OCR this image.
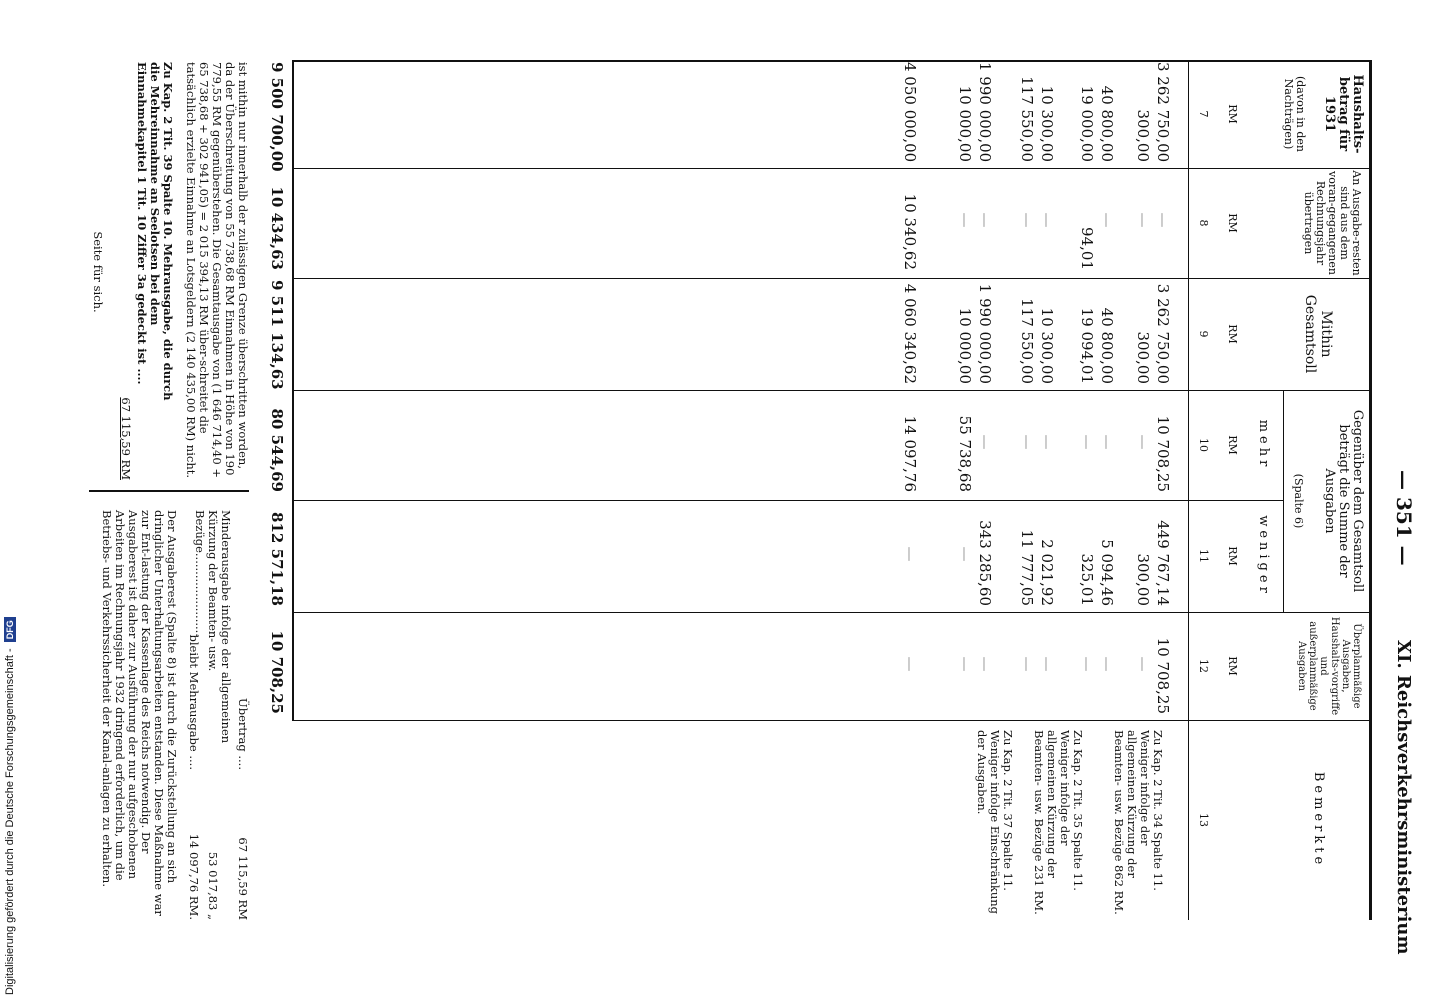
— 351 —
XI. Reichsverkehrsministerium
Haushalts-betrag für 1931
(davon in den Nachträgen)
RM
7
An Ausgabe-resten sind aus dem voran-gegangenen Rechnungsjahr übertragen
RM
8
Mithin Gesamtsoll
RM
9
Gegenüber dem Gesamtsoll beträgt die Summe der Ausgaben
(Spalte 6)
mehr
RM
10
weniger
RM
11
Überplanmäßige Ausgaben, Haushalts-vorgriffe und außerplanmäßige Ausgaben
RM
12
Bemerkte
13
3 262 750,00
—
3 262 750,00
10 708,25
449 767,14
10 708,25
300,00
—
300,00
—
300,00
—
40 800,00
—
40 800,00
—
5 094,46
—
19 000,00
94,01
19 094,01
—
325,01
—
10 300,00
—
10 300,00
—
2 021,92
—
117 550,00
—
117 550,00
—
11 777,05
—
1 990 000,00
—
1 990 000,00
—
343 285,60
—
10 000,00
—
10 000,00
55 738,68
—
—
4 050 000,00
10 340,62
4 060 340,62
14 097,76
—
—
9 500 700,00
10 434,63
9 511 134,63
80 544,69
812 571,18
10 708,25
Zu Kap. 2 Tit. 34 Spalte 11. Weniger infolge der allgemeinen Kürzung der Beamten- usw. Bezüge 862 RM.
Zu Kap. 2 Tit. 35 Spalte 11. Weniger infolge der allgemeinen Kürzung der Beamten- usw. Bezüge 231 RM.
Zu Kap. 2 Tit. 37 Spalte 11. Weniger infolge Einschränkung der Ausgaben.
ist mithin nur innerhalb der zulässigen Grenze überschritten worden, da der Überschreitung von 55 738,68 RM Einnahmen in Höhe von 190 779,55 RM gegenüberstehen. Die Gesamtausgabe von (1 646 714,40 + 65 738,68 + 302 941,05) = 2 015 394,13 RM über-schreitet die tatsächlich erzielte Einnahme an Lotsgeldern (2 140 435,00 RM) nicht.
Zu Kap. 2 Tit. 39 Spalte 10. Mehrausgabe, die durch die Mehreinnahme an Seelotsen bei dem Einnahmekapitel 1 Tit. 10 Ziffer 3a gedeckt ist ....
67 115,59 RM
Seite für sich.
Übertrag ....
67 115,59 RM
Minderausgabe infolge der allgemeinen Kürzung der Beamten- usw. Bezüge.......................
53 017,83 „
bleibt Mehrausgabe ....
14 097,76 RM.
Der Ausgaberest (Spalte 8) ist durch die Zurückstellung an sich dringlicher Unterhaltungsarbeiten entstanden. Diese Maßnahme war zur Ent-lastung der Kassenlage des Reichs notwendig. Der Ausgaberest ist daher zur Ausführung der nur aufgeschobenen Arbeiten im Rechnungsjahr 1932 dringend erforderlich, um die Betriebs- und Verkehrssicherheit der Kanal-anlagen zu erhalten.
Digitalisierung gefördert durch die Deutsche Forschungsgemeinschaft - DFG
